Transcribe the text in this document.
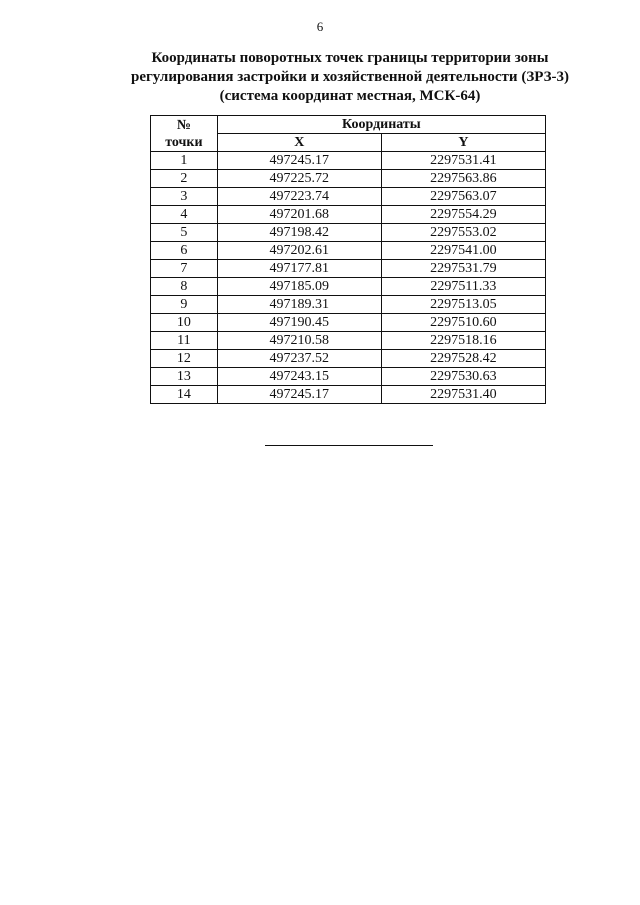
6
Координаты поворотных точек границы территории зоны
регулирования застройки и хозяйственной деятельности (ЗРЗ-3)
(система координат местная, МСК-64)
№
точки	Координаты	
	X	Y
1	497245.17	2297531.41
2	497225.72	2297563.86
3	497223.74	2297563.07
4	497201.68	2297554.29
5	497198.42	2297553.02
6	497202.61	2297541.00
7	497177.81	2297531.79
8	497185.09	2297511.33
9	497189.31	2297513.05
10	497190.45	2297510.60
11	497210.58	2297518.16
12	497237.52	2297528.42
13	497243.15	2297530.63
14	497245.17	2297531.40
